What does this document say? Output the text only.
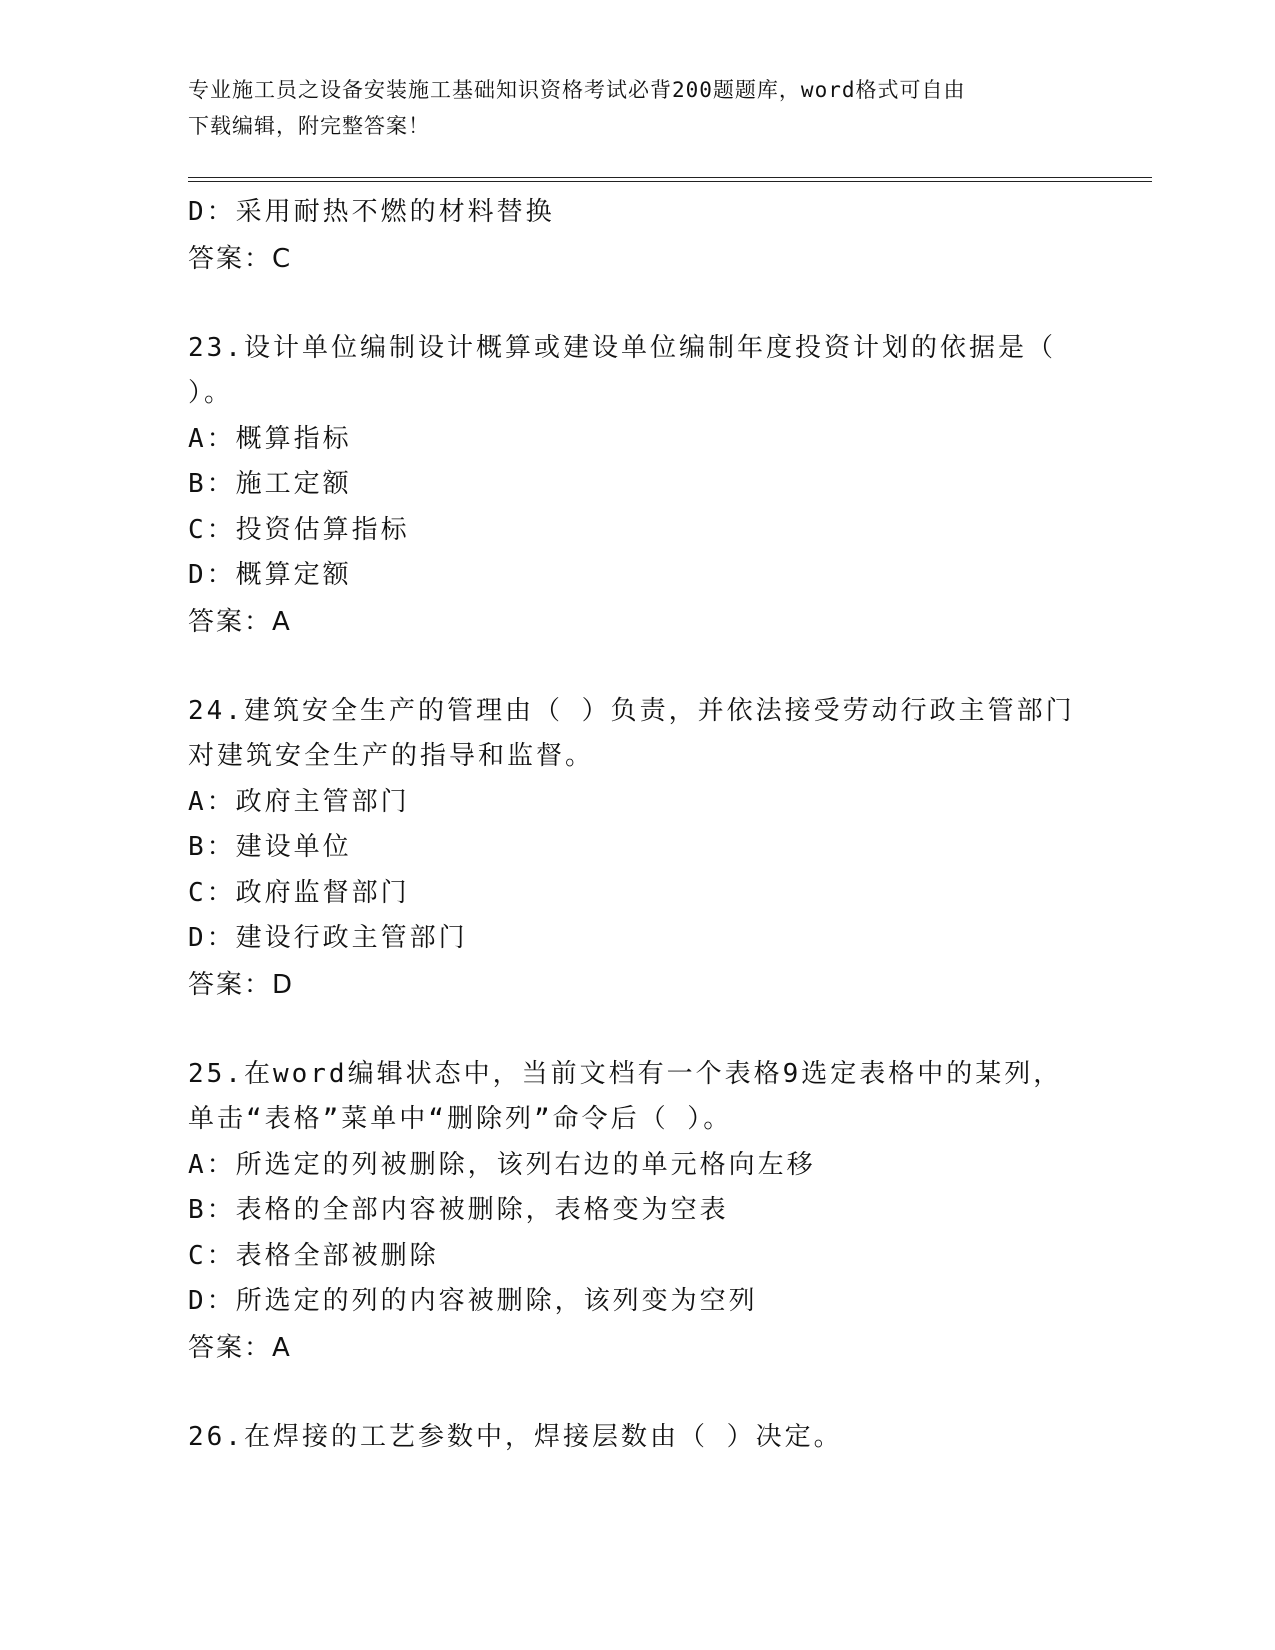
专业施工员之设备安装施工基础知识资格考试必背200题题库，word格式可自由
下载编辑，附完整答案！
D：采用耐热不燃的材料替换
答案：C
23.设计单位编制设计概算或建设单位编制年度投资计划的依据是（
）。
A：概算指标
B：施工定额
C：投资估算指标
D：概算定额
答案：A
24.建筑安全生产的管理由（ ）负责，并依法接受劳动行政主管部门
对建筑安全生产的指导和监督。
A：政府主管部门
B：建设单位
C：政府监督部门
D：建设行政主管部门
答案：D
25.在word编辑状态中，当前文档有一个表格9选定表格中的某列，
单击“表格”菜单中“删除列”命令后（ ）。
A：所选定的列被删除，该列右边的单元格向左移
B：表格的全部内容被删除，表格变为空表
C：表格全部被删除
D：所选定的列的内容被删除，该列变为空列
答案：A
26.在焊接的工艺参数中，焊接层数由（ ）决定。
